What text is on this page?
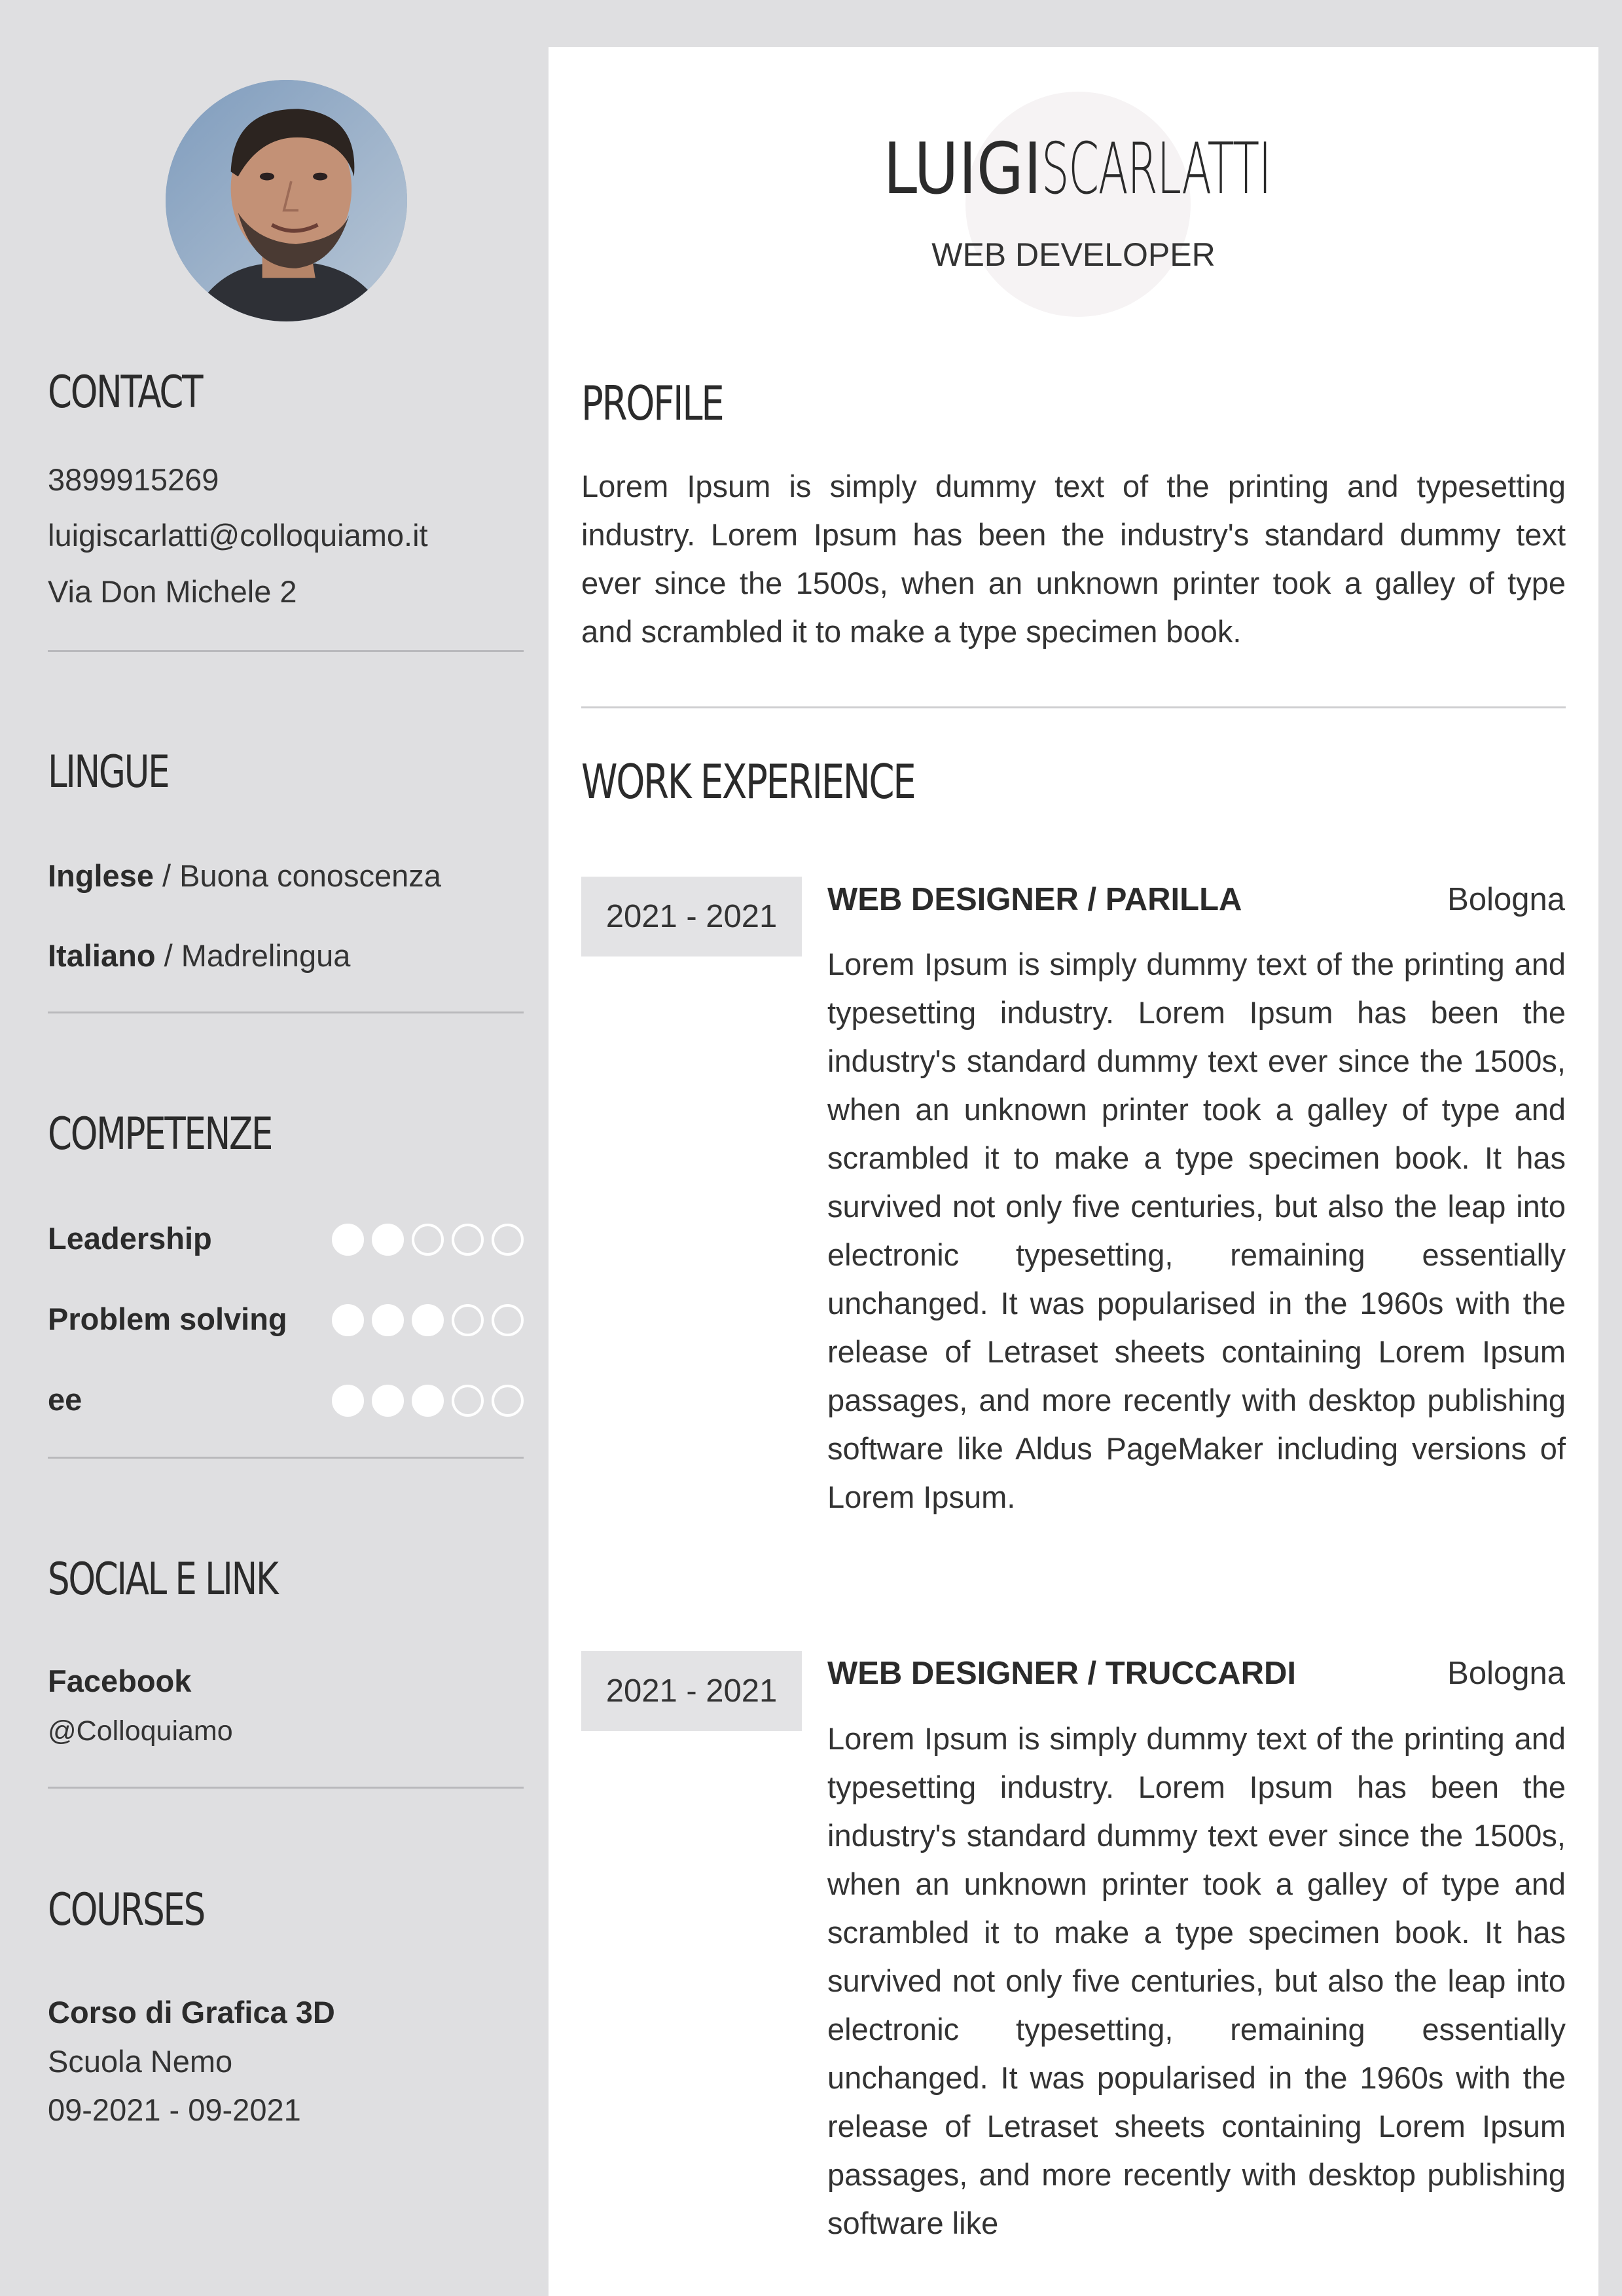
CONTACT
3899915269
luigiscarlatti@colloquiamo.it
Via Don Michele 2
LINGUE
Inglese / Buona conoscenza
Italiano / Madrelingua
COMPETENZE
Leadership
Problem solving
ee
SOCIAL E LINK
Facebook
@Colloquiamo
COURSES
Corso di Grafica 3D
Scuola Nemo
09-2021 - 09-2021
LUIGISCARLATTI
WEB DEVELOPER
PROFILE
Lorem Ipsum is simply dummy text of the printing and typesetting industry. Lorem Ipsum has been the industry's standard dummy text ever since the 1500s, when an unknown printer took a galley of type and scrambled it to make a type specimen book.
WORK EXPERIENCE
2021 - 2021	WEB DESIGNER / PARILLA	Bologna
Lorem Ipsum is simply dummy text of the printing and typesetting industry. Lorem Ipsum has been the industry's standard dummy text ever since the 1500s, when an unknown printer took a galley of type and scrambled it to make a type specimen book. It has survived not only five centuries, but also the leap into electronic typesetting, remaining essentially unchanged. It was popularised in the 1960s with the release of Letraset sheets containing Lorem Ipsum passages, and more recently with desktop publishing software like Aldus PageMaker including versions of Lorem Ipsum.
2021 - 2021	WEB DESIGNER / TRUCCARDI	Bologna
Lorem Ipsum is simply dummy text of the printing and typesetting industry. Lorem Ipsum has been the industry's standard dummy text ever since the 1500s, when an unknown printer took a galley of type and scrambled it to make a type specimen book. It has survived not only five centuries, but also the leap into electronic typesetting, remaining essentially unchanged. It was popularised in the 1960s with the release of Letraset sheets containing Lorem Ipsum passages, and more recently with desktop publishing software like
